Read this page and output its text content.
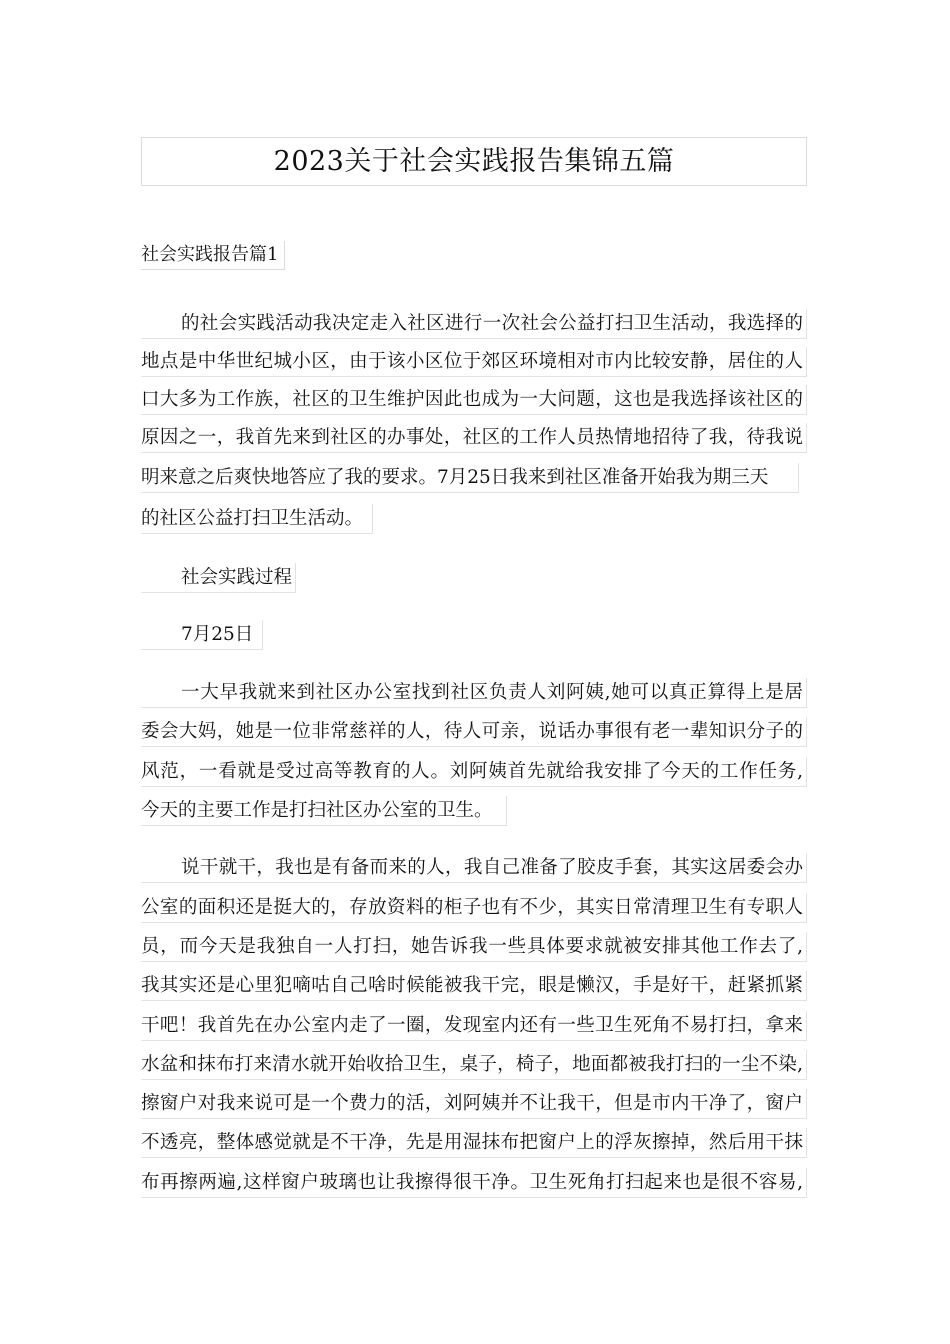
2023关于社会实践报告集锦五篇
社会实践报告篇1
的社会实践活动我决定走入社区进行一次社会公益打扫卫生活动，我选择的
地点是中华世纪城小区，由于该小区位于郊区环境相对市内比较安静，居住的人
口大多为工作族，社区的卫生维护因此也成为一大问题，这也是我选择该社区的
原因之一，我首先来到社区的办事处，社区的工作人员热情地招待了我，待我说
明来意之后爽快地答应了我的要求。7月25日我来到社区准备开始我为期三天
的社区公益打扫卫生活动。
社会实践过程
7月25日
一大早我就来到社区办公室找到社区负责人刘阿姨,她可以真正算得上是居
委会大妈，她是一位非常慈祥的人，待人可亲，说话办事很有老一辈知识分子的
风范，一看就是受过高等教育的人。刘阿姨首先就给我安排了今天的工作任务,
今天的主要工作是打扫社区办公室的卫生。
说干就干，我也是有备而来的人，我自己准备了胶皮手套，其实这居委会办
公室的面积还是挺大的，存放资料的柜子也有不少，其实日常清理卫生有专职人
员，而今天是我独自一人打扫，她告诉我一些具体要求就被安排其他工作去了,
我其实还是心里犯嘀咕自己啥时候能被我干完，眼是懒汉，手是好干，赶紧抓紧
干吧！我首先在办公室内走了一圈，发现室内还有一些卫生死角不易打扫，拿来
水盆和抹布打来清水就开始收拾卫生，桌子，椅子，地面都被我打扫的一尘不染,
擦窗户对我来说可是一个费力的活，刘阿姨并不让我干，但是市内干净了，窗户
不透亮，整体感觉就是不干净，先是用湿抹布把窗户上的浮灰擦掉，然后用干抹
布再擦两遍,这样窗户玻璃也让我擦得很干净。卫生死角打扫起来也是很不容易,
